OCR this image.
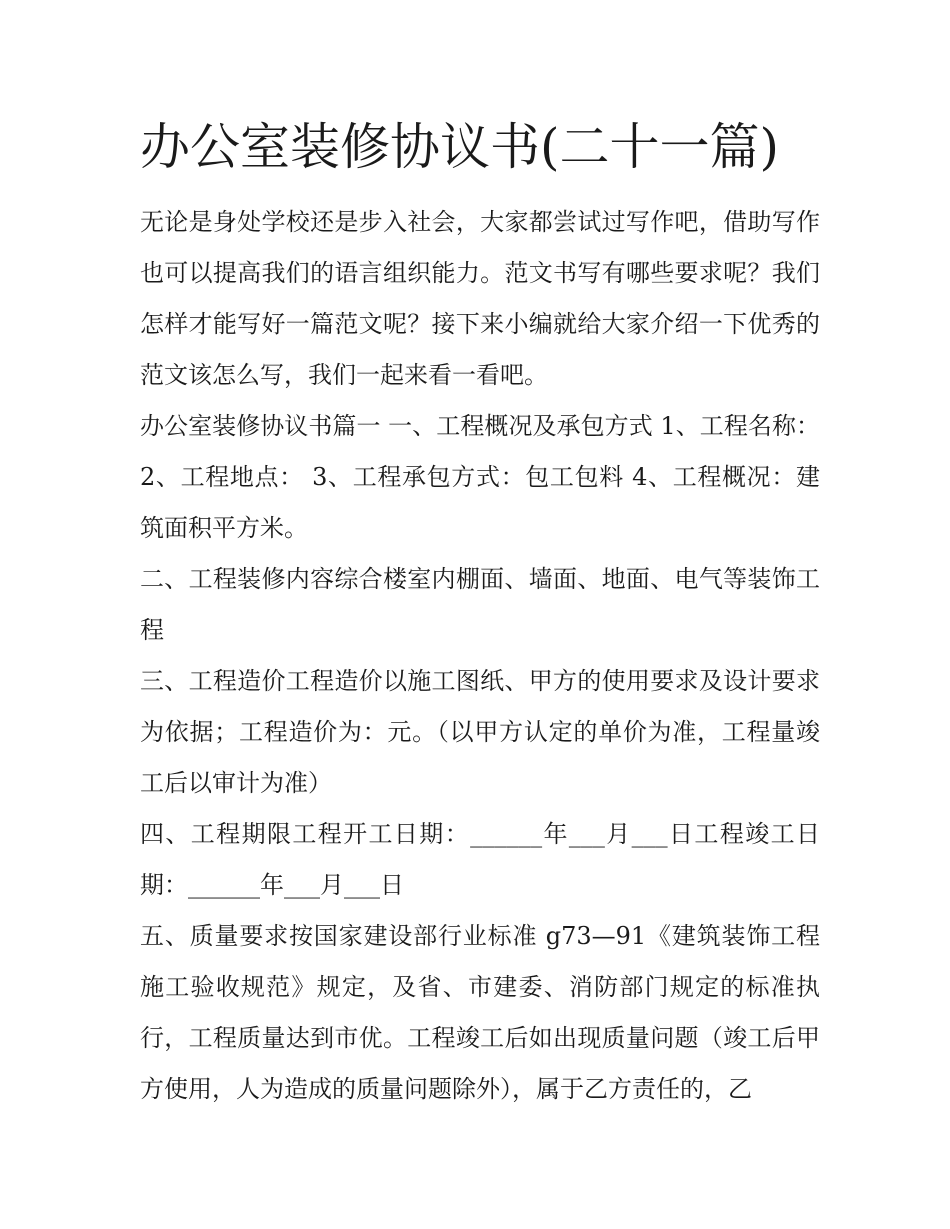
办公室装修协议书(二十一篇)

无论是身处学校还是步入社会，大家都尝试过写作吧，借助写作也可以提高我们的语言组织能力。范文书写有哪些要求呢？我们怎样才能写好一篇范文呢？接下来小编就给大家介绍一下优秀的范文该怎么写，我们一起来看一看吧。

办公室装修协议书篇一 一、工程概况及承包方式 1、工程名称： 2、工程地点： 3、工程承包方式：包工包料 4、工程概况：建筑面积平方米。

二、工程装修内容综合楼室内棚面、墙面、地面、电气等装饰工程

三、工程造价工程造价以施工图纸、甲方的使用要求及设计要求为依据；工程造价为：元。（以甲方认定的单价为准，工程量竣工后以审计为准）

四、工程期限工程开工日期：______年___月___日工程竣工日期：______年___月___日

五、质量要求按国家建设部行业标准 g73—91《建筑装饰工程施工验收规范》规定，及省、市建委、消防部门规定的标准执行，工程质量达到市优。工程竣工后如出现质量问题（竣工后甲方使用，人为造成的质量问题除外），属于乙方责任的，乙
